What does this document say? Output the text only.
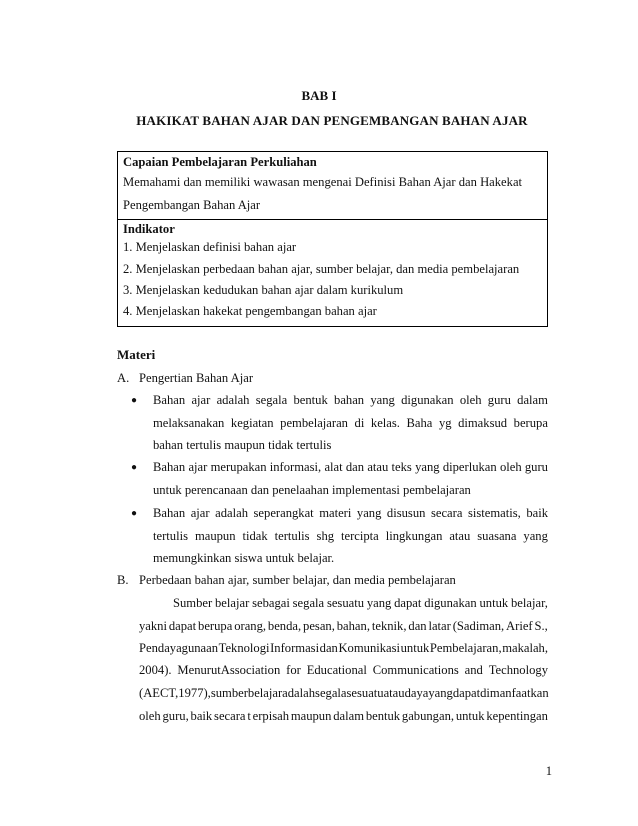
BAB I
HAKIKAT BAHAN AJAR DAN PENGEMBANGAN BAHAN AJAR
Capaian Pembelajaran Perkuliahan
Memahami dan memiliki wawasan mengenai Definisi Bahan Ajar dan Hakekat
Pengembangan Bahan Ajar
Indikator
1. Menjelaskan definisi bahan ajar
2. Menjelaskan perbedaan bahan ajar, sumber belajar, dan media pembelajaran
3. Menjelaskan kedudukan bahan ajar dalam kurikulum
4. Menjelaskan hakekat pengembangan bahan ajar
Materi
A. Pengertian Bahan Ajar
● Bahan ajar adalah segala bentuk bahan yang digunakan oleh guru dalam
melaksanakan kegiatan pembelajaran di kelas. Baha yg dimaksud berupa
bahan tertulis maupun tidak tertulis
● Bahan ajar merupakan informasi, alat dan atau teks yang diperlukan oleh guru
untuk perencanaan dan penelaahan implementasi pembelajaran
● Bahan ajar adalah seperangkat materi yang disusun secara sistematis, baik
tertulis maupun tidak tertulis shg tercipta lingkungan atau suasana yang
memungkinkan siswa untuk belajar.
B. Perbedaan bahan ajar, sumber belajar, dan media pembelajaran
Sumber belajar sebagai segala sesuatu yang dapat digunakan untuk belajar,
yakni dapat berupa orang, benda, pesan, bahan, teknik, dan latar (Sadiman, Arief S.,
Pendayagunaan Teknologi Informasi dan Komunikasi untuk Pembelajaran, makalah,
2004). MenurutAssociation for Educational Communications and Technology
(AECT, 1977), sumber belajar adalah segala sesuatu atau daya yang dapat dimanfaat kan
oleh guru, baik secara t erpisah maupun dalam bentuk gabungan, untuk kepentingan
1
